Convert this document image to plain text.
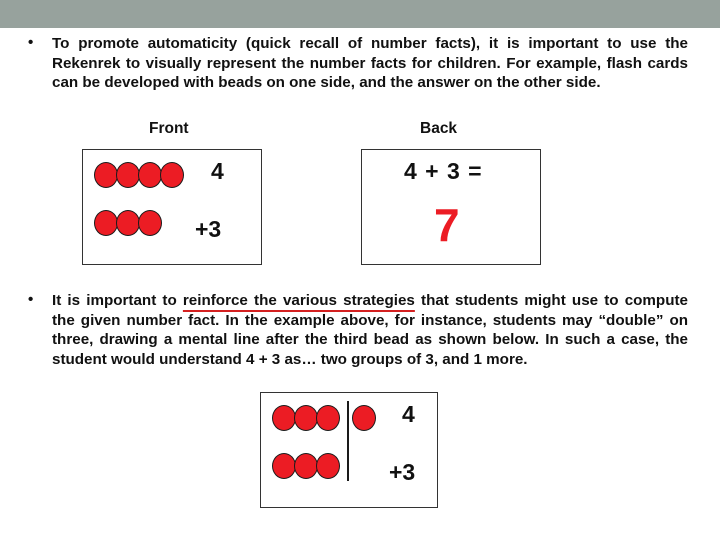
• To promote automaticity (quick recall of number facts), it is important to use the Rekenrek to visually represent the number facts for children. For example, flash cards can be developed with beads on one side, and the answer on the other side.
Front	Back
4
+3
4 + 3 =
7
• It is important to reinforce the various strategies that students might use to compute the given number fact. In the example above, for instance, students may “double” on three, drawing a mental line after the third bead as shown below. In such a case, the student would understand 4 + 3 as… two groups of 3, and 1 more.
4
+3
